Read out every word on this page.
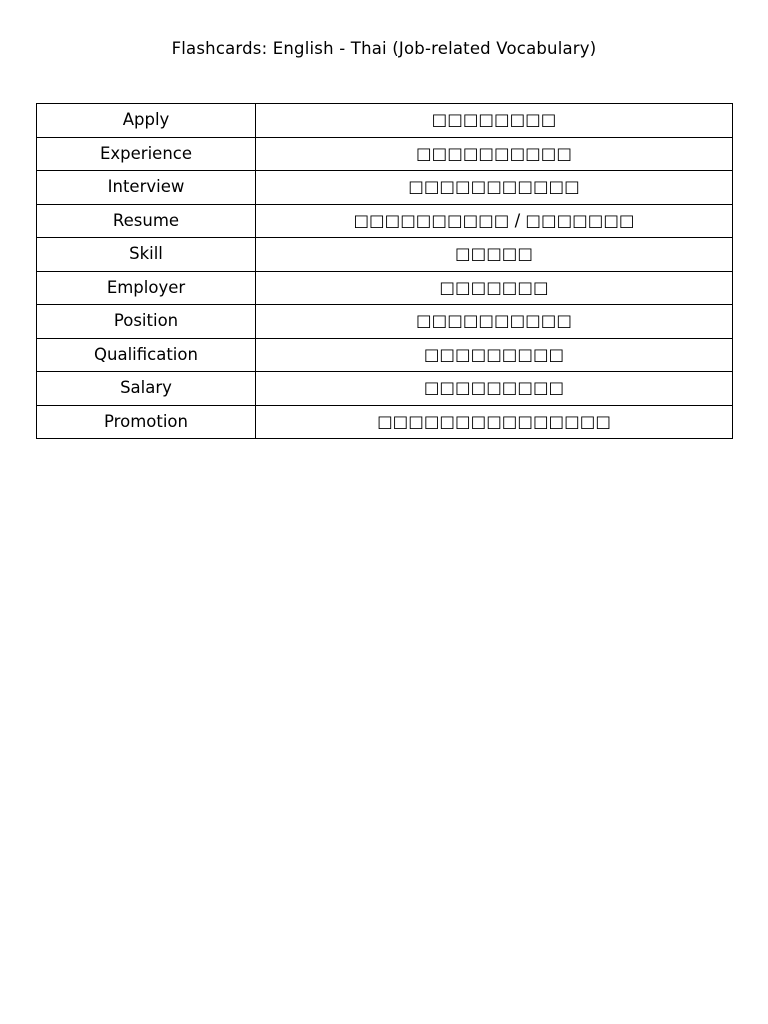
Flashcards: English - Thai (Job-related Vocabulary)
Apply	□□□□□□□□
Experience	□□□□□□□□□□
Interview	□□□□□□□□□□□
Resume	□□□□□□□□□□ / □□□□□□□
Skill	□□□□□
Employer	□□□□□□□
Position	□□□□□□□□□□
Qualification	□□□□□□□□□
Salary	□□□□□□□□□
Promotion	□□□□□□□□□□□□□□□
